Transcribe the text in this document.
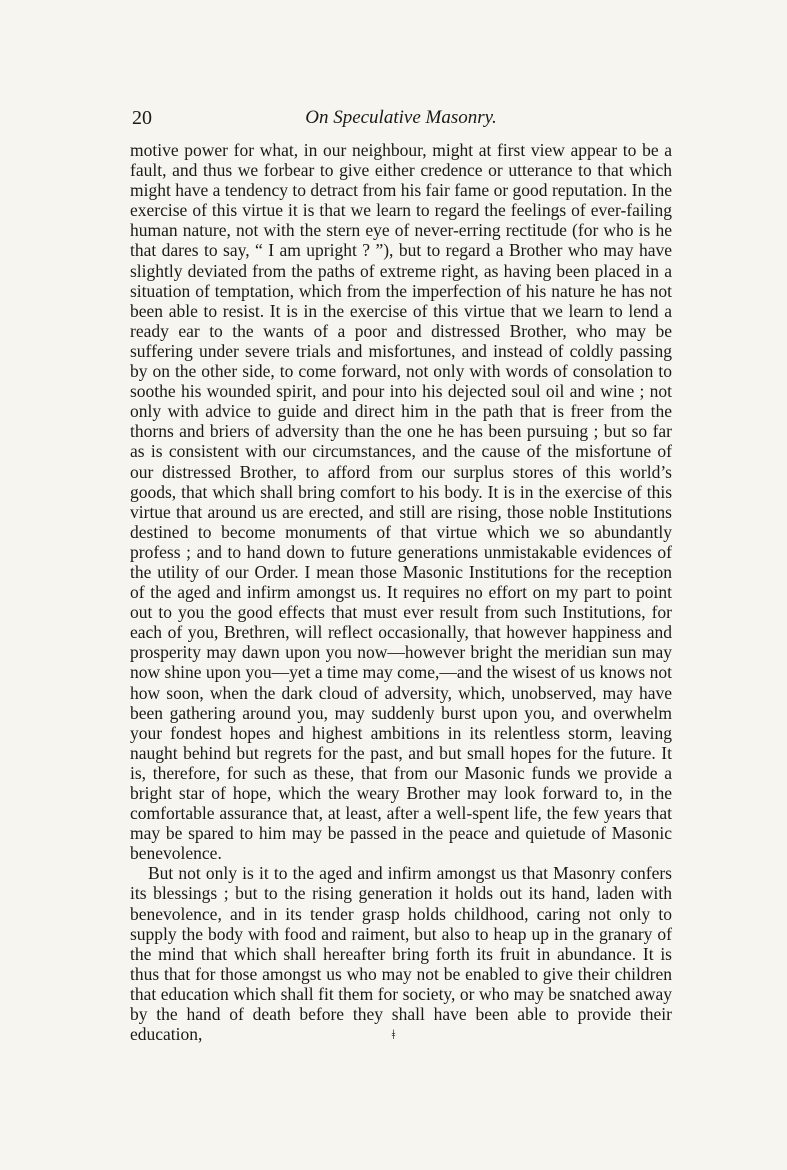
20	On Speculative Masonry.

motive power for what, in our neighbour, might at first view appear to be a fault, and thus we forbear to give either credence or utterance to that which might have a tendency to detract from his fair fame or good reputation. In the exercise of this virtue it is that we learn to regard the feelings of ever-failing human nature, not with the stern eye of never-erring rectitude (for who is he that dares to say, “ I am upright ? ”), but to regard a Brother who may have slightly deviated from the paths of extreme right, as having been placed in a situation of temptation, which from the imperfection of his nature he has not been able to resist. It is in the exercise of this virtue that we learn to lend a ready ear to the wants of a poor and distressed Brother, who may be suffering under severe trials and misfortunes, and instead of coldly passing by on the other side, to come forward, not only with words of consolation to soothe his wounded spirit, and pour into his dejected soul oil and wine ; not only with advice to guide and direct him in the path that is freer from the thorns and briers of adversity than the one he has been pursuing ; but so far as is consistent with our circumstances, and the cause of the misfortune of our distressed Brother, to afford from our surplus stores of this world’s goods, that which shall bring comfort to his body. It is in the exercise of this virtue that around us are erected, and still are rising, those noble Institutions destined to become monuments of that virtue which we so abundantly profess ; and to hand down to future generations unmistakable evidences of the utility of our Order. I mean those Masonic Institutions for the reception of the aged and infirm amongst us. It requires no effort on my part to point out to you the good effects that must ever result from such Institutions, for each of you, Brethren, will reflect occasionally, that however happiness and prosperity may dawn upon you now—however bright the meridian sun may now shine upon you—yet a time may come,—and the wisest of us knows not how soon, when the dark cloud of adversity, which, unobserved, may have been gathering around you, may suddenly burst upon you, and overwhelm your fondest hopes and highest ambitions in its relentless storm, leaving naught behind but regrets for the past, and but small hopes for the future. It is, therefore, for such as these, that from our Masonic funds we provide a bright star of hope, which the weary Brother may look forward to, in the comfortable assurance that, at least, after a well-spent life, the few years that may be spared to him may be passed in the peace and quietude of Masonic benevolence.

But not only is it to the aged and infirm amongst us that Masonry confers its blessings ; but to the rising generation it holds out its hand, laden with benevolence, and in its tender grasp holds childhood, caring not only to supply the body with food and raiment, but also to heap up in the granary of the mind that which shall hereafter bring forth its fruit in abundance. It is thus that for those amongst us who may not be enabled to give their children that education which shall fit them for society, or who may be snatched away by the hand of death before they shall have been able to provide their education,	ǂ
